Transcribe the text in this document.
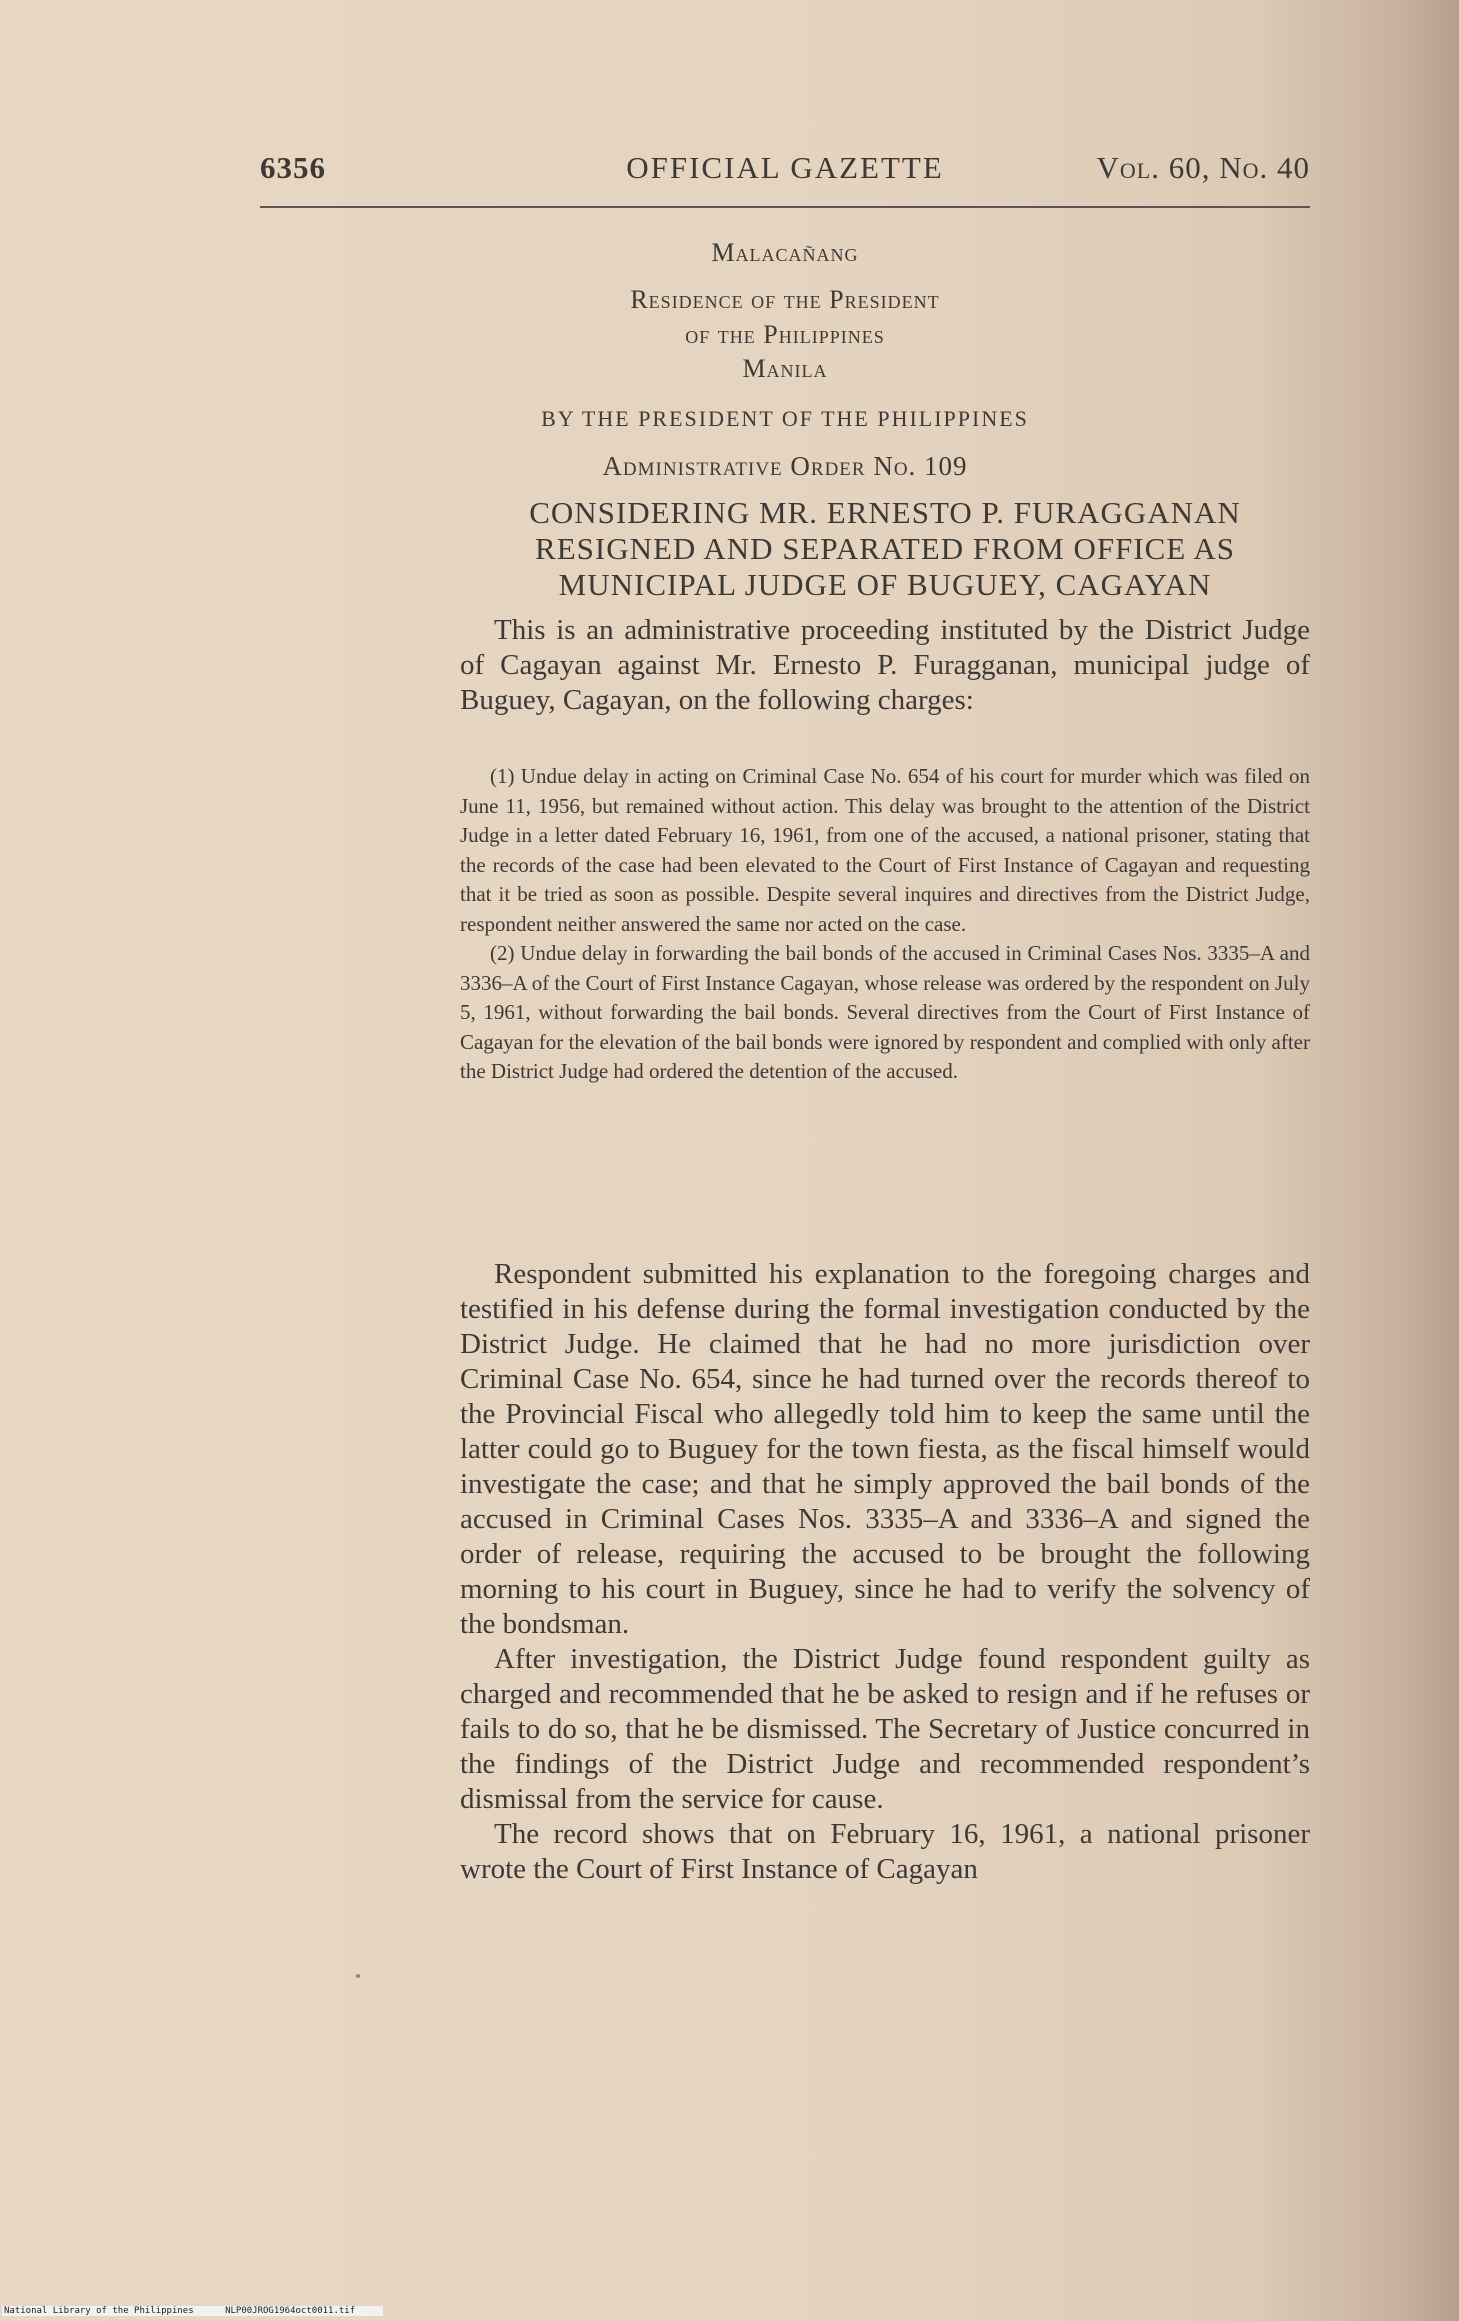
6356	OFFICIAL GAZETTE	Vol. 60, No. 40
Malacañang
Residence of the President
of the Philippines
Manila
BY THE PRESIDENT OF THE PHILIPPINES
Administrative Order No. 109
CONSIDERING MR. ERNESTO P. FURAGGANAN RESIGNED AND SEPARATED FROM OFFICE AS MUNICIPAL JUDGE OF BUGUEY, CAGAYAN

This is an administrative proceeding instituted by the District Judge of Cagayan against Mr. Ernesto P. Furagganan, municipal judge of Buguey, Cagayan, on the following charges:

(1) Undue delay in acting on Criminal Case No. 654 of his court for murder which was filed on June 11, 1956, but remained without action. This delay was brought to the attention of the District Judge in a letter dated February 16, 1961, from one of the accused, a national prisoner, stating that the records of the case had been elevated to the Court of First Instance of Cagayan and requesting that it be tried as soon as possible. Despite several inquires and directives from the District Judge, respondent neither answered the same nor acted on the case.

(2) Undue delay in forwarding the bail bonds of the accused in Criminal Cases Nos. 3335–A and 3336–A of the Court of First Instance Cagayan, whose release was ordered by the respondent on July 5, 1961, without forwarding the bail bonds. Several directives from the Court of First Instance of Cagayan for the elevation of the bail bonds were ignored by respondent and complied with only after the District Judge had ordered the detention of the accused.

Respondent submitted his explanation to the foregoing charges and testified in his defense during the formal investigation conducted by the District Judge. He claimed that he had no more jurisdiction over Criminal Case No. 654, since he had turned over the records thereof to the Provincial Fiscal who allegedly told him to keep the same until the latter could go to Buguey for the town fiesta, as the fiscal himself would investigate the case; and that he simply approved the bail bonds of the accused in Criminal Cases Nos. 3335–A and 3336–A and signed the order of release, requiring the accused to be brought the following morning to his court in Buguey, since he had to verify the solvency of the bondsman.

After investigation, the District Judge found respondent guilty as charged and recommended that he be asked to resign and if he refuses or fails to do so, that he be dismissed. The Secretary of Justice concurred in the findings of the District Judge and recommended respondent’s dismissal from the service for cause.

The record shows that on February 16, 1961, a national prisoner wrote the Court of First Instance of Cagayan

National Library of the Philippines	NLP00JROG1964oct0011.tif
